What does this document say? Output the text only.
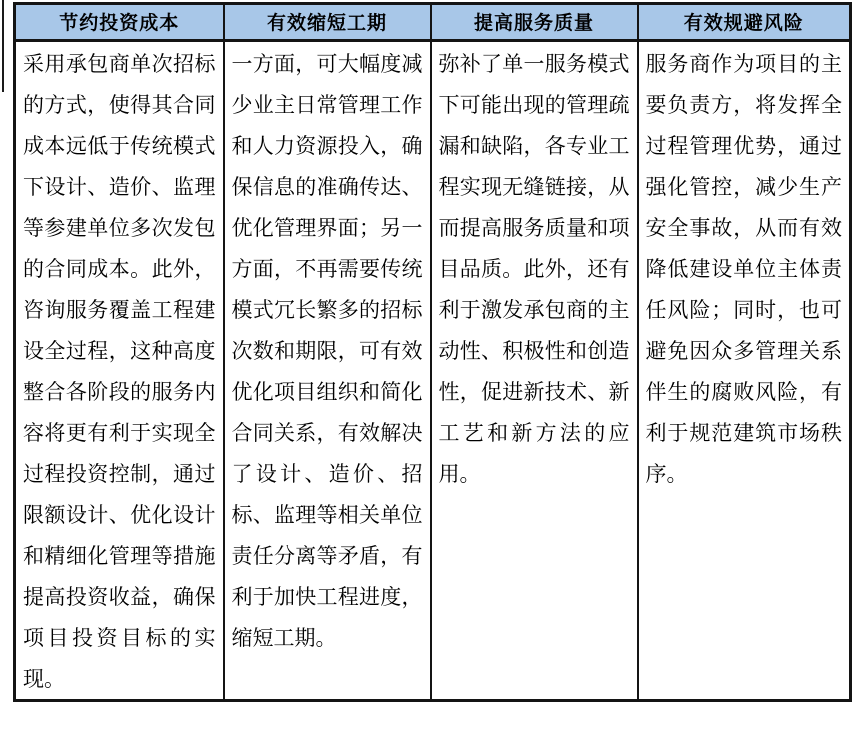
节约投资成本	有效缩短工期	提高服务质量	有效规避风险

采用承包商单次招标的方式，使得其合同成本远低于传统模式下设计、造价、监理等参建单位多次发包的合同成本。此外，咨询服务覆盖工程建设全过程，这种高度整合各阶段的服务内容将更有利于实现全过程投资控制，通过限额设计、优化设计和精细化管理等措施提高投资收益，确保项目投资目标的实现。	一方面，可大幅度减少业主日常管理工作和人力资源投入，确保信息的准确传达、优化管理界面；另一方面，不再需要传统模式冗长繁多的招标次数和期限，可有效优化项目组织和简化合同关系，有效解决了设计、造价、招标、监理等相关单位责任分离等矛盾，有利于加快工程进度，缩短工期。	弥补了单一服务模式下可能出现的管理疏漏和缺陷，各专业工程实现无缝链接，从而提高服务质量和项目品质。此外，还有利于激发承包商的主动性、积极性和创造性，促进新技术、新工艺和新方法的应用。	服务商作为项目的主要负责方，将发挥全过程管理优势，通过强化管控，减少生产安全事故，从而有效降低建设单位主体责任风险；同时，也可避免因众多管理关系伴生的腐败风险，有利于规范建筑市场秩序。
